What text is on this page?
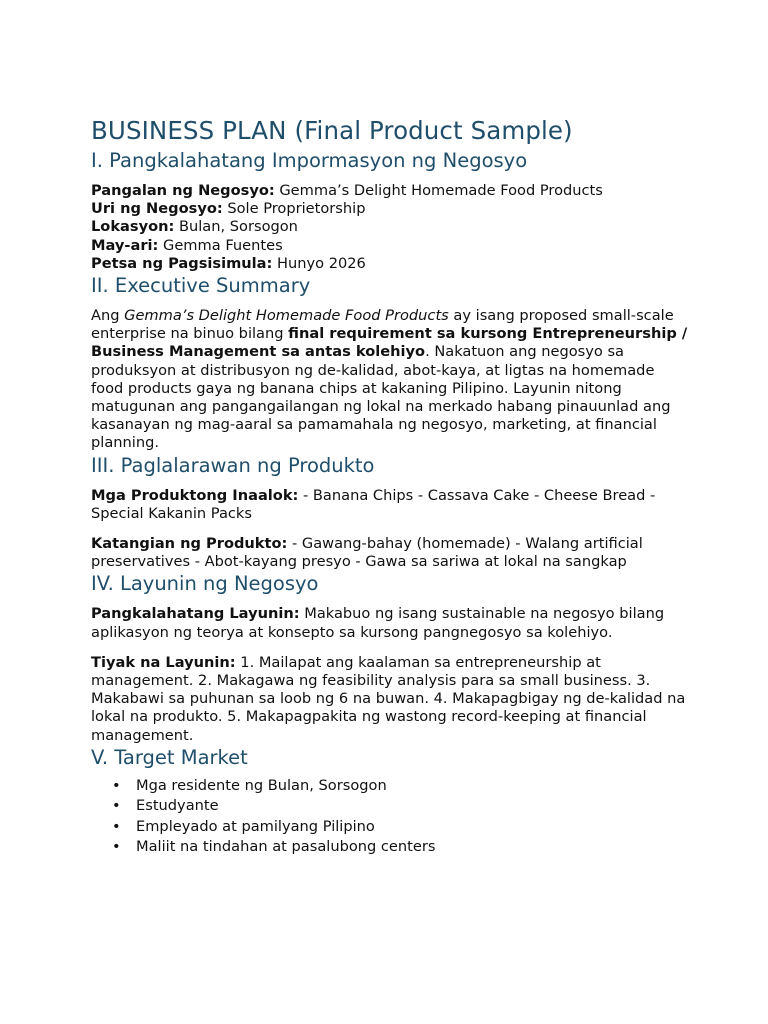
BUSINESS PLAN (Final Product Sample)
I. Pangkalahatang Impormasyon ng Negosyo

Pangalan ng Negosyo: Gemma’s Delight Homemade Food Products

Uri ng Negosyo: Sole Proprietorship

Lokasyon: Bulan, Sorsogon

May-ari: Gemma Fuentes

Petsa ng Pagsisimula: Hunyo 2026

II. Executive Summary

Ang Gemma’s Delight Homemade Food Products ay isang proposed small-scale enterprise na binuo bilang final requirement sa kursong Entrepreneurship / Business Management sa antas kolehiyo. Nakatuon ang negosyo sa produksyon at distribusyon ng de-kalidad, abot-kaya, at ligtas na homemade food products gaya ng banana chips at kakaning Pilipino. Layunin nitong matugunan ang pangangailangan ng lokal na merkado habang pinauunlad ang kasanayan ng mag-aaral sa pamamahala ng negosyo, marketing, at financial planning.

III. Paglalarawan ng Produkto

Mga Produktong Inaalok: - Banana Chips - Cassava Cake - Cheese Bread - Special Kakanin Packs

Katangian ng Produkto: - Gawang-bahay (homemade) - Walang artificial preservatives - Abot-kayang presyo - Gawa sa sariwa at lokal na sangkap

IV. Layunin ng Negosyo

Pangkalahatang Layunin: Makabuo ng isang sustainable na negosyo bilang aplikasyon ng teorya at konsepto sa kursong pangnegosyo sa kolehiyo.

Tiyak na Layunin: 1. Mailapat ang kaalaman sa entrepreneurship at management. 2. Makagawa ng feasibility analysis para sa small business. 3. Makabawi sa puhunan sa loob ng 6 na buwan. 4. Makapagbigay ng de-kalidad na lokal na produkto. 5. Makapagpakita ng wastong record-keeping at financial management.

V. Target Market
• Mga residente ng Bulan, Sorsogon
• Estudyante
• Empleyado at pamilyang Pilipino
• Maliit na tindahan at pasalubong centers
